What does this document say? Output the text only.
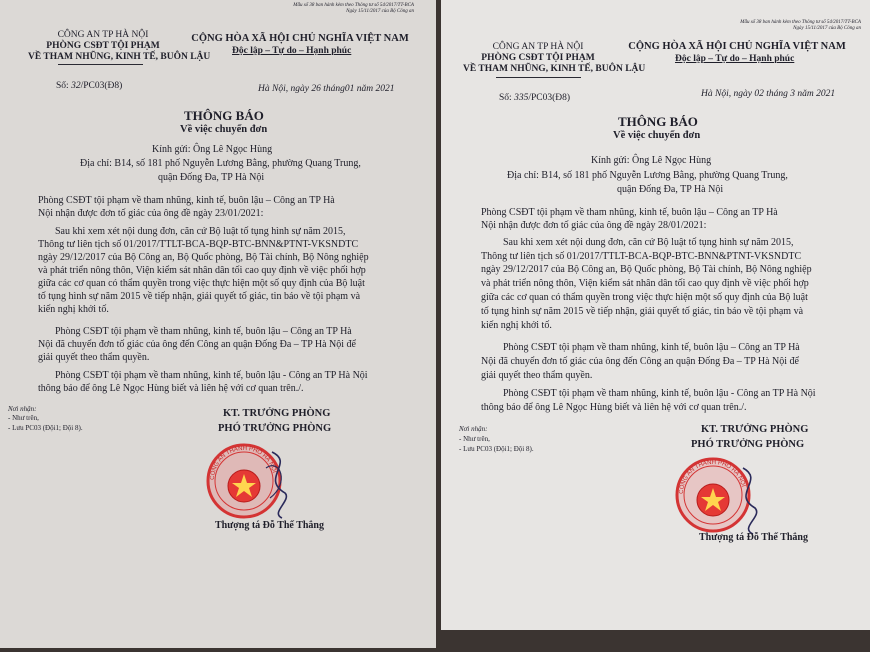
Mẫu số 38 ban hành kèm theo Thông tư số 54/2017/TT-BCA
Ngày 15/11/2017 của Bộ Công an
CÔNG AN TP HÀ NỘI
PHÒNG CSĐT TỘI PHẠM
VỀ THAM NHŨNG, KINH TẾ, BUÔN LẬU
CỘNG HÒA XÃ HỘI CHỦ NGHĨA VIỆT NAM
Độc lập – Tự do – Hạnh phúc
Số: 32/PC03(Đ8)	Hà Nội, ngày 26 tháng01 năm 2021
THÔNG BÁO
Về việc chuyển đơn
Kính gửi: Ông Lê Ngọc Hùng
Địa chỉ: B14, số 181 phố Nguyễn Lương Bằng, phường Quang Trung,
quận Đống Đa, TP Hà Nội
Phòng CSĐT tội phạm về tham nhũng, kinh tế, buôn lậu – Công an TP Hà
Nội nhận được đơn tố giác của ông đề ngày 23/01/2021:
Sau khi xem xét nội dung đơn, căn cứ Bộ luật tố tụng hình sự năm 2015,
Thông tư liên tịch số 01/2017/TTLT-BCA-BQP-BTC-BNN&PTNT-VKSNDTC
ngày 29/12/2017 của Bộ Công an, Bộ Quốc phòng, Bộ Tài chính, Bộ Nông nghiệp
và phát triển nông thôn, Viện kiểm sát nhân dân tối cao quy định về việc phối hợp
giữa các cơ quan có thẩm quyền trong việc thực hiện một số quy định của Bộ luật
tố tụng hình sự năm 2015 về tiếp nhận, giải quyết tố giác, tin báo về tội phạm và
kiến nghị khởi tố.
Phòng CSĐT tội phạm về tham nhũng, kinh tế, buôn lậu – Công an TP Hà
Nội đã chuyển đơn tố giác của ông đến Công an quận Đống Đa – TP Hà Nội để
giải quyết theo thẩm quyền.
Phòng CSĐT tội phạm về tham nhũng, kinh tế, buôn lậu - Công an TP Hà Nội
thông báo để ông Lê Ngọc Hùng biết và liên hệ với cơ quan trên./.
Nơi nhận:
- Như trên,
- Lưu PC03 (Đội1; Đội 8).
KT. TRƯỞNG PHÒNG
PHÓ TRƯỞNG PHÒNG
CÔNG AN THÀNH PHỐ HÀ NỘI
Thượng tá Đỗ Thế Thắng
Mẫu số 38 ban hành kèm theo Thông tư số 54/2017/TT-BCA
Ngày 15/11/2017 của Bộ Công an
CÔNG AN TP HÀ NỘI
PHÒNG CSĐT TỘI PHẠM
VỀ THAM NHŨNG, KINH TẾ, BUÔN LẬU
CỘNG HÒA XÃ HỘI CHỦ NGHĨA VIỆT NAM
Độc lập – Tự do – Hạnh phúc
Số: 335/PC03(Đ8)	Hà Nội, ngày 02 tháng 3 năm 2021
THÔNG BÁO
Về việc chuyển đơn
Kính gửi: Ông Lê Ngọc Hùng
Địa chỉ: B14, số 181 phố Nguyễn Lương Bằng, phường Quang Trung,
quận Đống Đa, TP Hà Nội
Phòng CSĐT tội phạm về tham nhũng, kinh tế, buôn lậu – Công an TP Hà
Nội nhận được đơn tố giác của ông đề ngày 28/01/2021:
Sau khi xem xét nội dung đơn, căn cứ Bộ luật tố tụng hình sự năm 2015,
Thông tư liên tịch số 01/2017/TTLT-BCA-BQP-BTC-BNN&PTNT-VKSNDTC
ngày 29/12/2017 của Bộ Công an, Bộ Quốc phòng, Bộ Tài chính, Bộ Nông nghiệp
và phát triển nông thôn, Viện kiểm sát nhân dân tối cao quy định về việc phối hợp
giữa các cơ quan có thẩm quyền trong việc thực hiện một số quy định của Bộ luật
tố tụng hình sự năm 2015 về tiếp nhận, giải quyết tố giác, tin báo về tội phạm và
kiến nghị khởi tố.
Phòng CSĐT tội phạm về tham nhũng, kinh tế, buôn lậu – Công an TP Hà
Nội đã chuyển đơn tố giác của ông đến Công an quận Đống Đa – TP Hà Nội để
giải quyết theo thẩm quyền.
Phòng CSĐT tội phạm về tham nhũng, kinh tế, buôn lậu - Công an TP Hà Nội
thông báo để ông Lê Ngọc Hùng biết và liên hệ với cơ quan trên./.
Nơi nhận:
- Như trên,
- Lưu PC03 (Đội1; Đội 8).
KT. TRƯỞNG PHÒNG
PHÓ TRƯỞNG PHÒNG
CÔNG AN THÀNH PHỐ HÀ NỘI
Thượng tá Đỗ Thế Thắng
